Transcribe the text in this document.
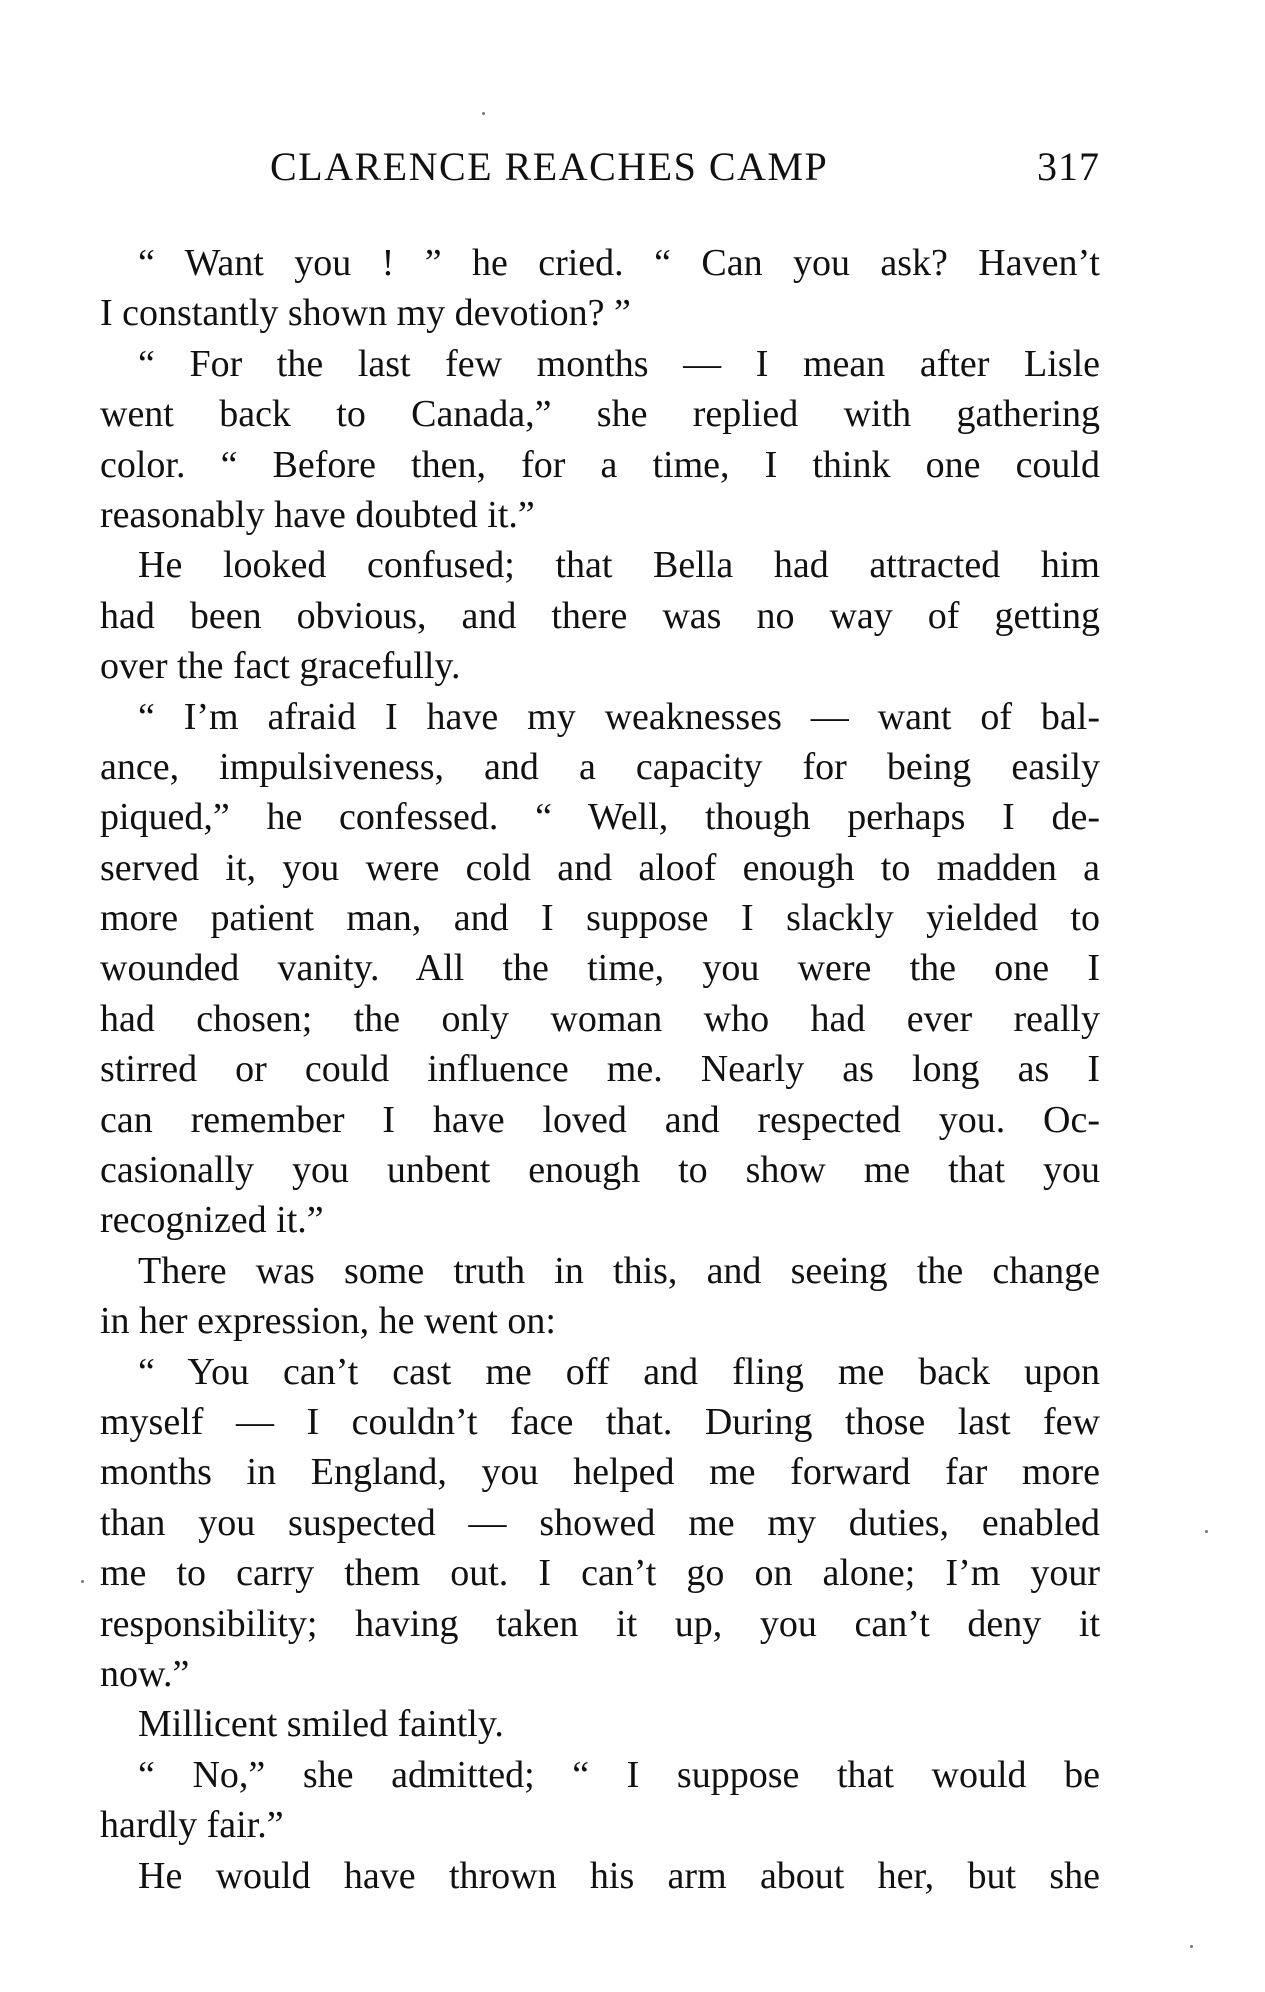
CLARENCE REACHES CAMP	317
“ Want you ! ” he cried. “ Can you ask? Haven’t
I constantly shown my devotion? ”
“ For the last few months — I mean after Lisle
went back to Canada,” she replied with gathering
color. “ Before then, for a time, I think one could
reasonably have doubted it.”
He looked confused; that Bella had attracted him
had been obvious, and there was no way of getting
over the fact gracefully.
“ I’m afraid I have my weaknesses — want of bal-
ance, impulsiveness, and a capacity for being easily
piqued,” he confessed. “ Well, though perhaps I de-
served it, you were cold and aloof enough to madden a
more patient man, and I suppose I slackly yielded to
wounded vanity. All the time, you were the one I
had chosen; the only woman who had ever really
stirred or could influence me. Nearly as long as I
can remember I have loved and respected you. Oc-
casionally you unbent enough to show me that you
recognized it.”
There was some truth in this, and seeing the change
in her expression, he went on:
“ You can’t cast me off and fling me back upon
myself — I couldn’t face that. During those last few
months in England, you helped me forward far more
than you suspected — showed me my duties, enabled
me to carry them out. I can’t go on alone; I’m your
responsibility; having taken it up, you can’t deny it
now.”
Millicent smiled faintly.
“ No,” she admitted; “ I suppose that would be
hardly fair.”
He would have thrown his arm about her, but she
